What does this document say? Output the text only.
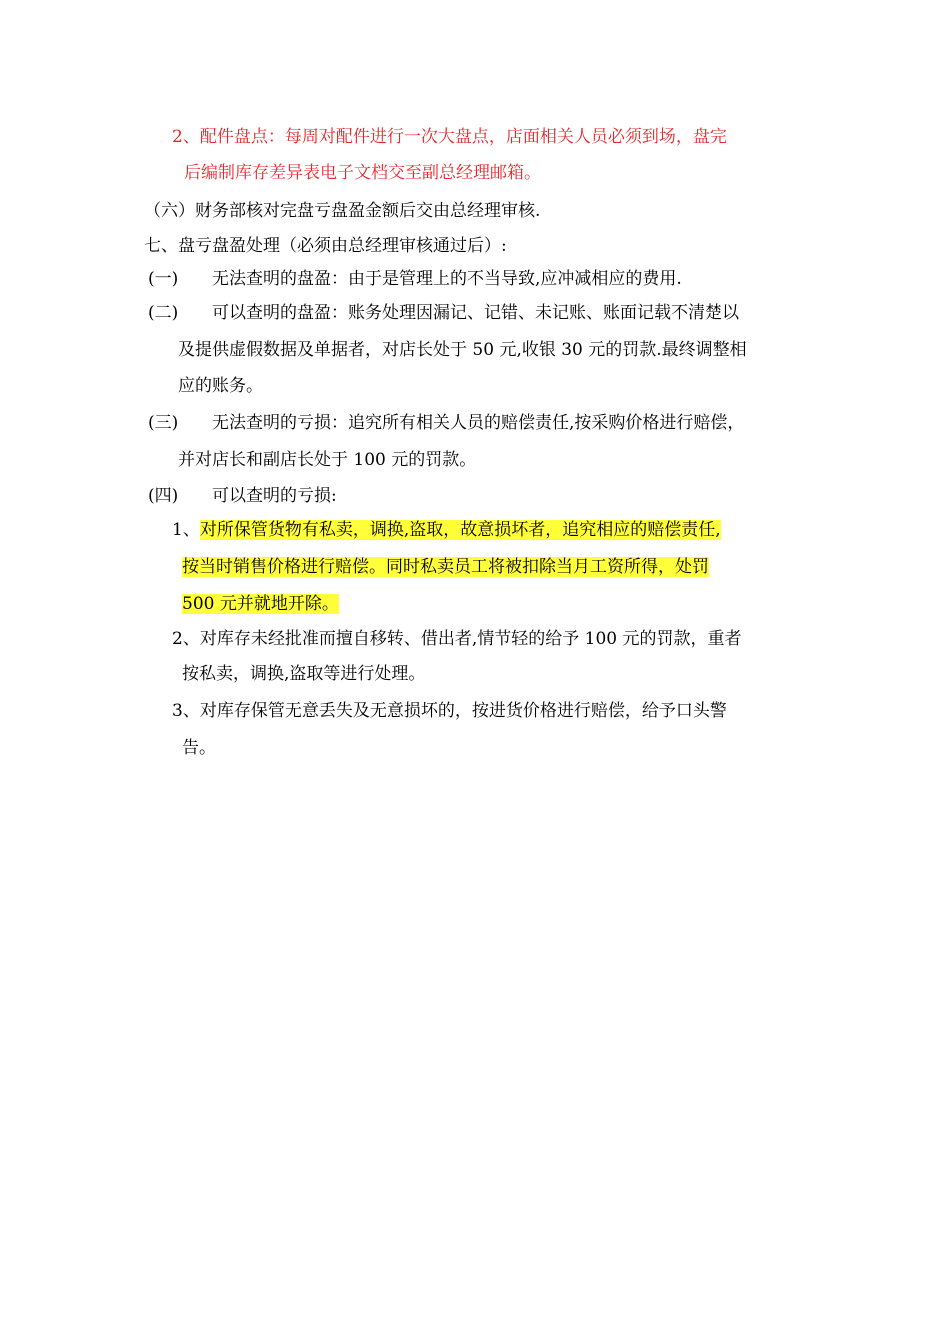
2、配件盘点：每周对配件进行一次大盘点，店面相关人员必须到场，盘完
后编制库存差异表电子文档交至副总经理邮箱。
（六）财务部核对完盘亏盘盈金额后交由总经理审核.
七、盘亏盘盈处理（必须由总经理审核通过后）:
(一) 无法查明的盘盈：由于是管理上的不当导致,应冲减相应的费用.
(二) 可以查明的盘盈：账务处理因漏记、记错、未记账、账面记载不清楚以
及提供虚假数据及单据者，对店长处于 50 元,收银 30 元的罚款.最终调整相
应的账务。
(三) 无法查明的亏损：追究所有相关人员的赔偿责任,按采购价格进行赔偿，
并对店长和副店长处于 100 元的罚款。
(四) 可以查明的亏损:
1、对所保管货物有私卖，调换,盗取，故意损坏者，追究相应的赔偿责任,
按当时销售价格进行赔偿。同时私卖员工将被扣除当月工资所得，处罚
500 元并就地开除。
2、对库存未经批准而擅自移转、借出者,情节轻的给予 100 元的罚款，重者
按私卖，调换,盗取等进行处理。
3、对库存保管无意丢失及无意损坏的，按进货价格进行赔偿，给予口头警
告。
